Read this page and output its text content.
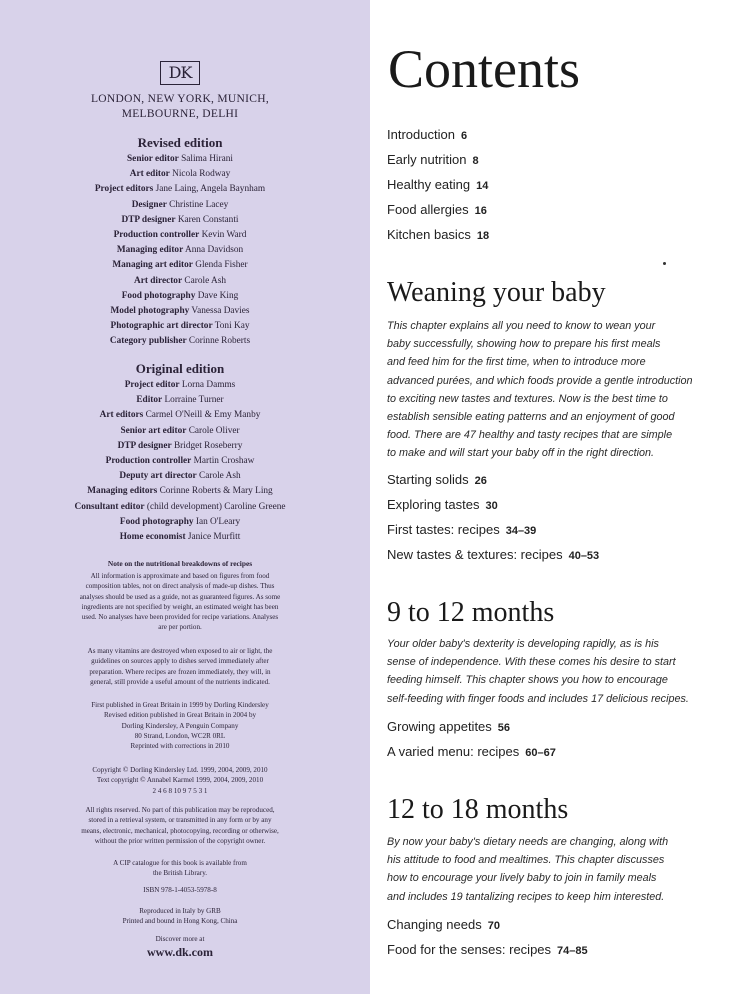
DK
LONDON, NEW YORK, MUNICH,
MELBOURNE, DELHI
Revised edition
Senior editor Salima Hirani
Art editor Nicola Rodway
Project editors Jane Laing, Angela Baynham
Designer Christine Lacey
DTP designer Karen Constanti
Production controller Kevin Ward
Managing editor Anna Davidson
Managing art editor Glenda Fisher
Art director Carole Ash
Food photography Dave King
Model photography Vanessa Davies
Photographic art director Toni Kay
Category publisher Corinne Roberts
Original edition
Project editor Lorna Damms
Editor Lorraine Turner
Art editors Carmel O'Neill & Emy Manby
Senior art editor Carole Oliver
DTP designer Bridget Roseberry
Production controller Martin Croshaw
Deputy art director Carole Ash
Managing editors Corinne Roberts & Mary Ling
Consultant editor (child development) Caroline Greene
Food photography Ian O'Leary
Home economist Janice Murfitt
Note on the nutritional breakdowns of recipes
All information is approximate and based on figures from food
composition tables, not on direct analysis of made-up dishes. Thus
analyses should be used as a guide, not as guaranteed figures. As some
ingredients are not specified by weight, an estimated weight has been
used. No analyses have been provided for recipe variations. Analyses
are per portion.
As many vitamins are destroyed when exposed to air or light, the
guidelines on sources apply to dishes served immediately after
preparation. Where recipes are frozen immediately, they will, in
general, still provide a useful amount of the nutrients indicated.
First published in Great Britain in 1999 by Dorling Kindersley
Revised edition published in Great Britain in 2004 by
Dorling Kindersley, A Penguin Company
80 Strand, London, WC2R 0RL
Reprinted with corrections in 2010
Copyright © Dorling Kindersley Ltd. 1999, 2004, 2009, 2010
Text copyright © Annabel Karmel 1999, 2004, 2009, 2010
2 4 6 8 10 9 7 5 3 1
All rights reserved. No part of this publication may be reproduced,
stored in a retrieval system, or transmitted in any form or by any
means, electronic, mechanical, photocopying, recording or otherwise,
without the prior written permission of the copyright owner.
A CIP catalogue for this book is available from
the British Library.
ISBN 978-1-4053-5978-8
Reproduced in Italy by GRB
Printed and bound in Hong Kong, China
Discover more at
www.dk.com
Contents
Introduction 6
Early nutrition 8
Healthy eating 14
Food allergies 16
Kitchen basics 18
Weaning your baby
This chapter explains all you need to know to wean your
baby successfully, showing how to prepare his first meals
and feed him for the first time, when to introduce more
advanced purées, and which foods provide a gentle introduction
to exciting new tastes and textures. Now is the best time to
establish sensible eating patterns and an enjoyment of good
food. There are 47 healthy and tasty recipes that are simple
to make and will start your baby off in the right direction.
Starting solids 26
Exploring tastes 30
First tastes: recipes 34–39
New tastes & textures: recipes 40–53
9 to 12 months
Your older baby's dexterity is developing rapidly, as is his
sense of independence. With these comes his desire to start
feeding himself. This chapter shows you how to encourage
self-feeding with finger foods and includes 17 delicious recipes.
Growing appetites 56
A varied menu: recipes 60–67
12 to 18 months
By now your baby's dietary needs are changing, along with
his attitude to food and mealtimes. This chapter discusses
how to encourage your lively baby to join in family meals
and includes 19 tantalizing recipes to keep him interested.
Changing needs 70
Food for the senses: recipes 74–85
